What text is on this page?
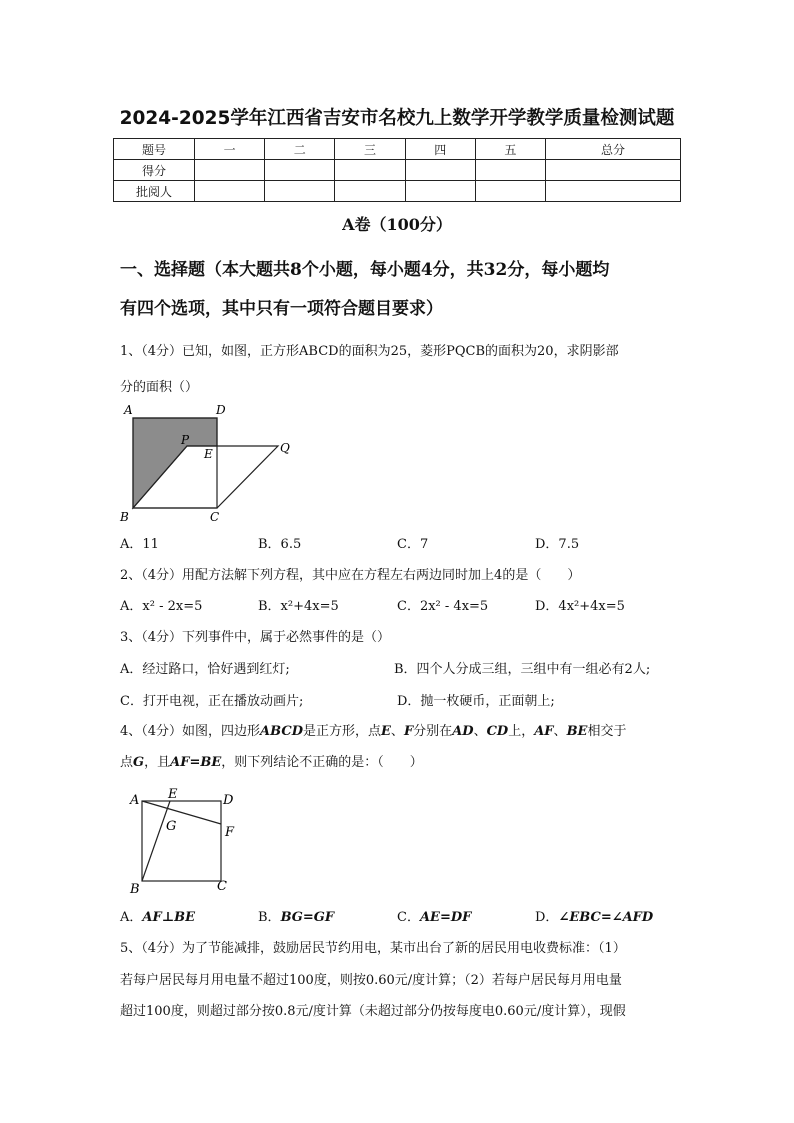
2024-2025学年江西省吉安市名校九上数学开学教学质量检测试题
题号	一	二	三	四	五	总分
得分						
批阅人						
A卷（100分）
一、选择题（本大题共8个小题，每小题4分，共32分，每小题均
有四个选项，其中只有一项符合题目要求）
1、（4分）已知，如图，正方形ABCD的面积为25，菱形PQCB的面积为20，求阴影部
分的面积（）
A	D
P
E	Q
B	C
A．11	B．6.5	C．7	D．7.5
2、（4分）用配方法解下列方程，其中应在方程左右两边同时加上4的是（　　）
A．x² - 2x=5	B．x²+4x=5	C．2x² - 4x=5	D．4x²+4x=5
3、（4分）下列事件中，属于必然事件的是（）
A．经过路口，恰好遇到红灯;	B．四个人分成三组，三组中有一组必有2人;
C．打开电视，正在播放动画片;	D．抛一枚硬币，正面朝上;
4、（4分）如图，四边形ABCD是正方形，点E、F分别在AD、CD上，AF、BE相交于
点G，且AF=BE，则下列结论不正确的是：（　　）
A E	D
G	F
B	C
A．AF⊥BE	B．BG=GF	C．AE=DF	D．∠EBC=∠AFD
5、（4分）为了节能减排，鼓励居民节约用电，某市出台了新的居民用电收费标准：（1）
若每户居民每月用电量不超过100度，则按0.60元/度计算；（2）若每户居民每月用电量
超过100度，则超过部分按0.8元/度计算（未超过部分仍按每度电0.60元/度计算），现假
